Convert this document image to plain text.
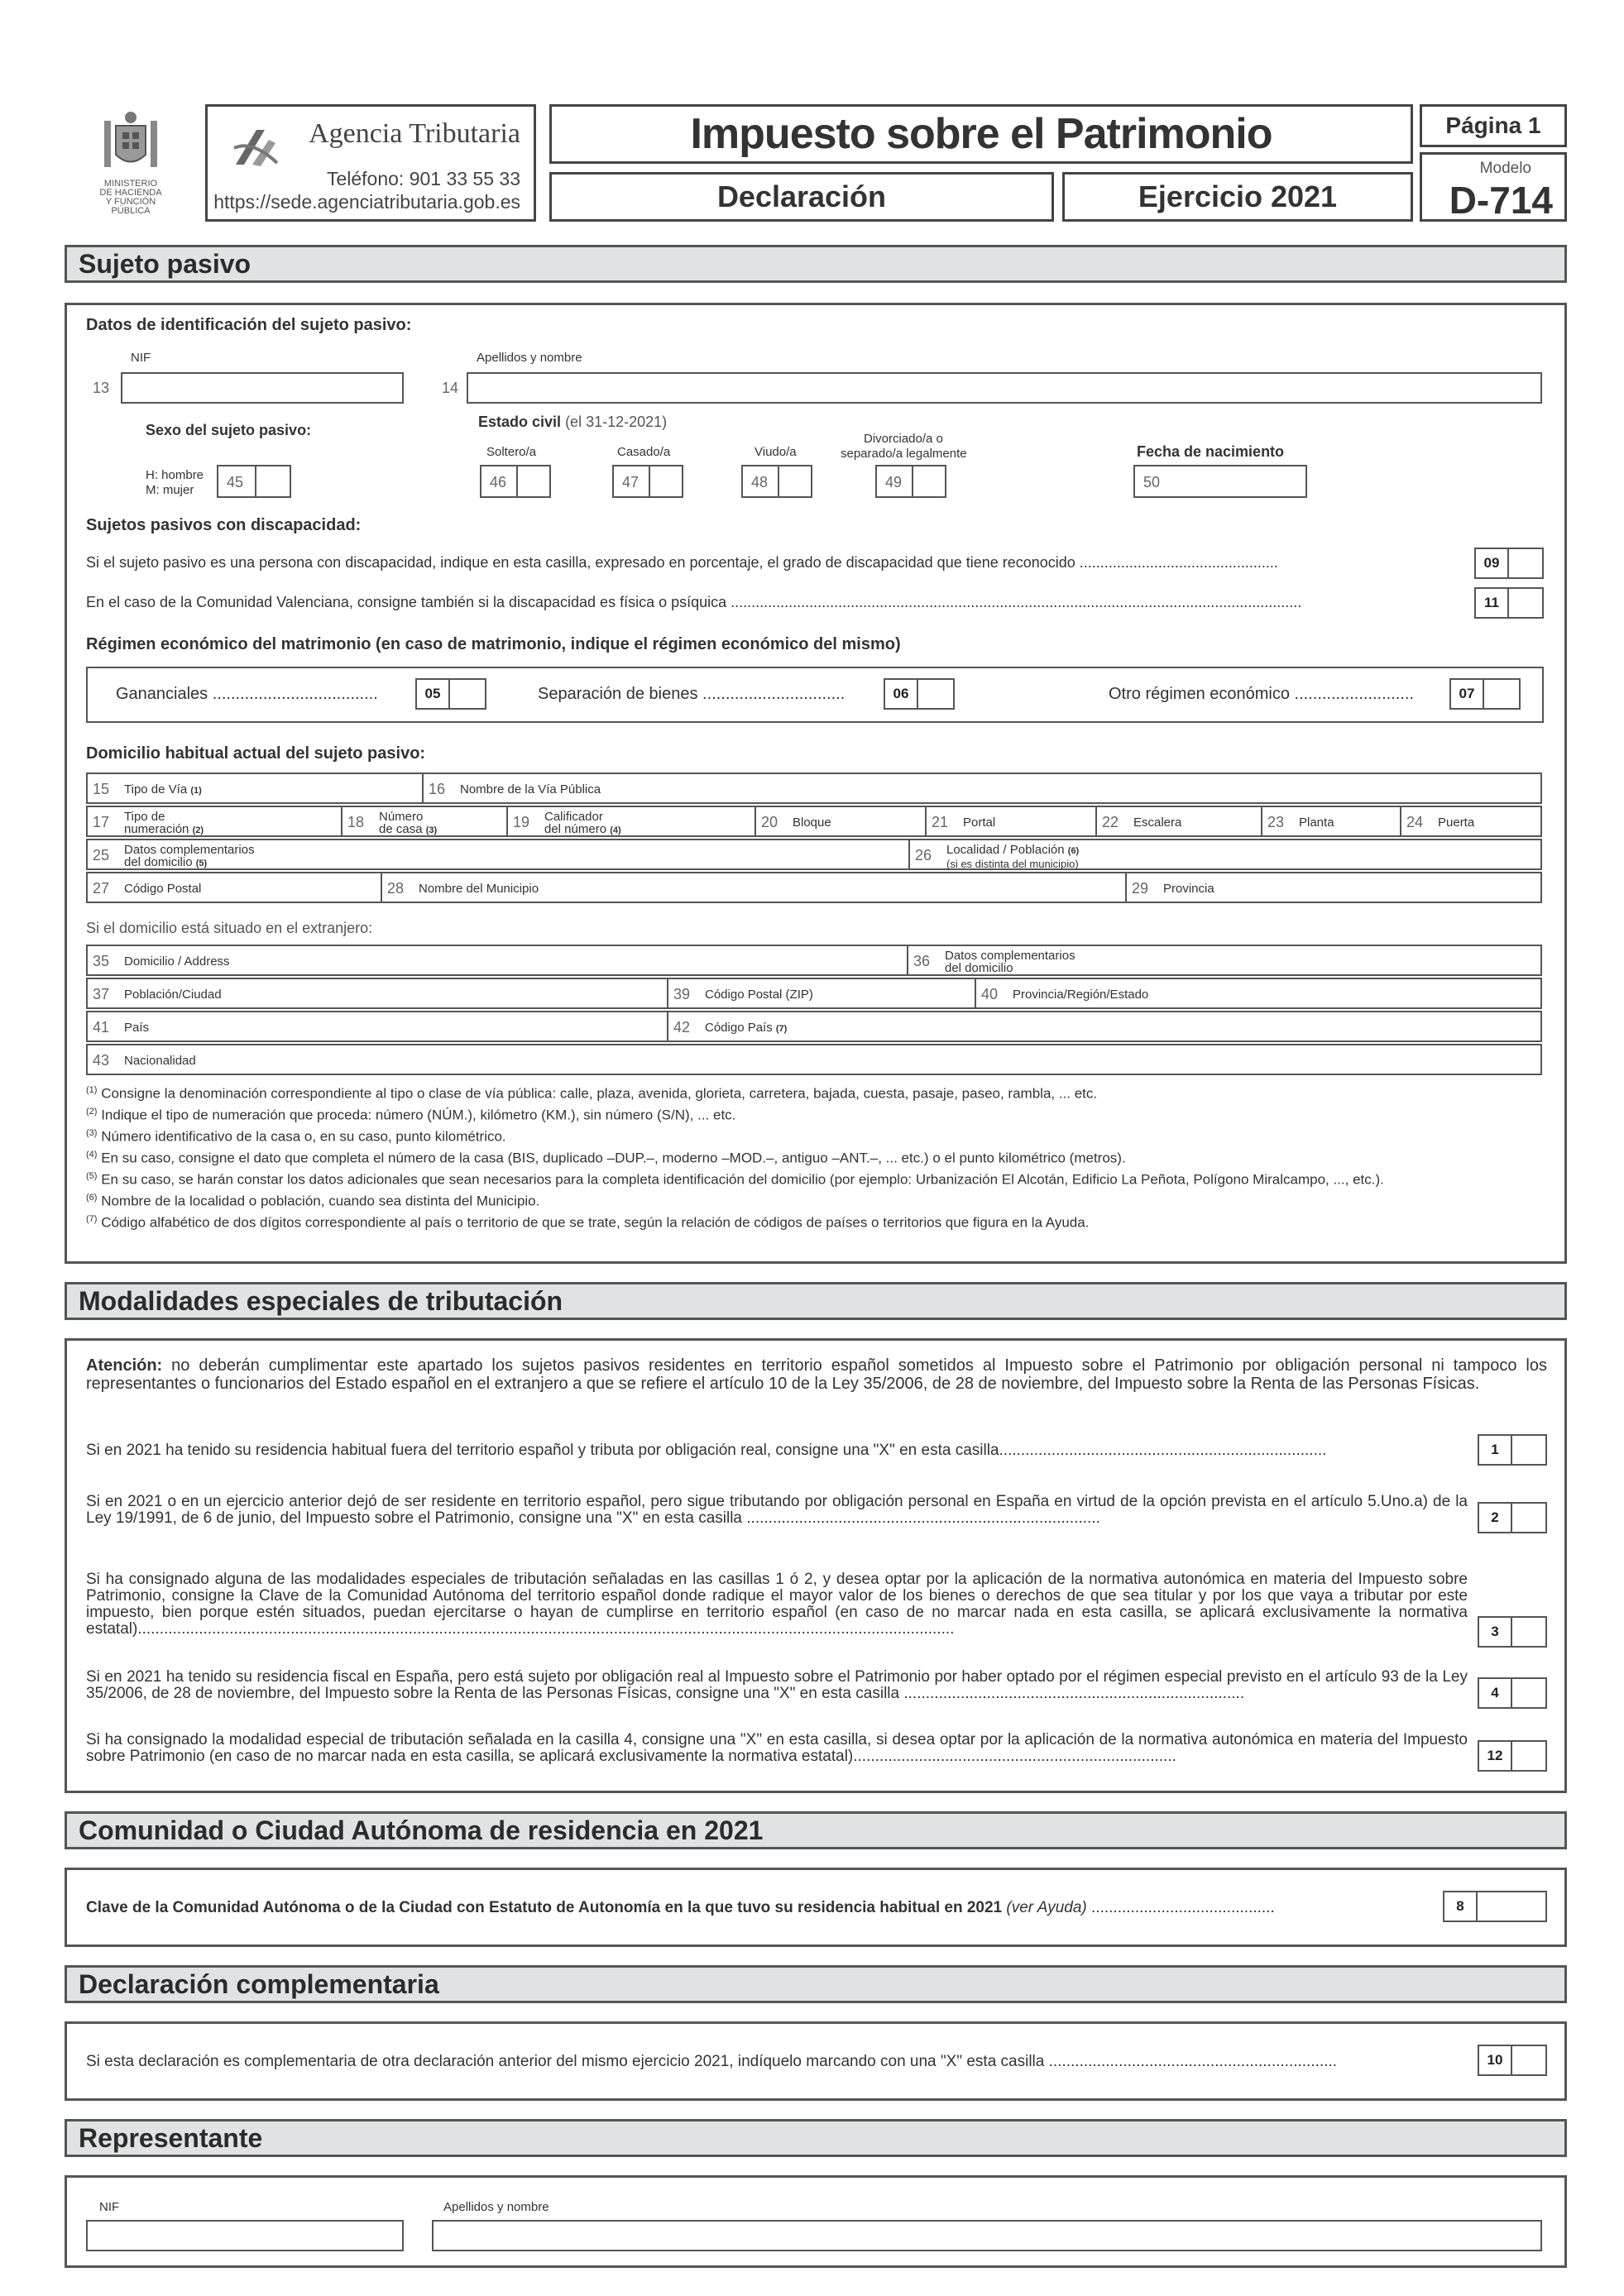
MINISTERIO
DE HACIENDA
Y FUNCIÓN PÚBLICA
Agencia Tributaria
Teléfono: 901 33 55 33
https://sede.agenciatributaria.gob.es
Impuesto sobre el Patrimonio
Declaración	Ejercicio 2021
Página 1
Modelo
D-714
Sujeto pasivo
Datos de identificación del sujeto pasivo:
NIF	Apellidos y nombre
13	14
Sexo del sujeto pasivo:	Estado civil (el 31-12-2021)
Soltero/a	Casado/a	Viudo/a
Divorciado/a o
separado/a legalmente	Fecha de nacimiento
H: hombre
M: mujer 45	46	47	48	49	50
Sujetos pasivos con discapacidad:
Si el sujeto pasivo es una persona con discapacidad, indique en esta casilla, expresado en porcentaje, el grado de discapacidad que tiene reconocido ................................................	09
En el caso de la Comunidad Valenciana, consigne también si la discapacidad es física o psíquica ..........................................................................................................................................	11
Régimen económico del matrimonio (en caso de matrimonio, indique el régimen económico del mismo)
Gananciales ....................................	05	Separación de bienes ...............................	06	Otro régimen económico ..........................	07
Domicilio habitual actual del sujeto pasivo:
15 Tipo de Vía (1)	16 Nombre de la Vía Pública
17 Tipo de
numeración (2)	18 Número
de casa (3)	19 Calificador
del número (4)	20 Bloque	21 Portal	22 Escalera	23 Planta	24 Puerta
25 Datos complementarios
del domicilio (5)	26 Localidad / Población (6)
(si es distinta del municipio)
27 Código Postal	28 Nombre del Municipio	29 Provincia
Si el domicilio está situado en el extranjero:
35 Domicilio / Address	36 Datos complementarios
del domicilio
37 Población/Ciudad	39 Código Postal (ZIP)	40 Provincia/Región/Estado
41 País	42 Código País (7)
43 Nacionalidad
$^{(1)}$ Consigne la denominación correspondiente al tipo o clase de vía pública: calle, plaza, avenida, glorieta, carretera, bajada, cuesta, pasaje, paseo, rambla, ... etc.
$^{(2)}$ Indique el tipo de numeración que proceda: número (NÚM.), kilómetro (KM.), sin número (S/N), ... etc.
$^{(3)}$ Número identificativo de la casa o, en su caso, punto kilométrico.
$^{(4)}$ En su caso, consigne el dato que completa el número de la casa (BIS, duplicado –DUP.–, moderno –MOD.–, antiguo –ANT.–, ... etc.) o el punto kilométrico (metros).
$^{(5)}$ En su caso, se harán constar los datos adicionales que sean necesarios para la completa identificación del domicilio (por ejemplo: Urbanización El Alcotán, Edificio La Peñota, Polígono Miralcampo, ..., etc.).
$^{(6)}$ Nombre de la localidad o población, cuando sea distinta del Municipio.
$^{(7)}$ Código alfabético de dos dígitos correspondiente al país o territorio de que se trate, según la relación de códigos de países o territorios que figura en la Ayuda.
Modalidades especiales de tributación
Atención: no deberán cumplimentar este apartado los sujetos pasivos residentes en territorio español sometidos al Impuesto sobre el Patrimonio por obligación personal ni tampoco los representantes o funcionarios del Estado español en el extranjero a que se refiere el artículo 10 de la Ley 35/2006, de 28 de noviembre, del Impuesto sobre la Renta de las Personas Físicas.
Si en 2021 ha tenido su residencia habitual fuera del territorio español y tributa por obligación real, consigne una "X" en esta casilla...........................................................................	1
Si en 2021 o en un ejercicio anterior dejó de ser residente en territorio español, pero sigue tributando por obligación personal en España en virtud de la opción prevista en el artículo 5.Uno.a) de la Ley 19/1991, de 6 de junio, del Impuesto sobre el Patrimonio, consigne una "X" en esta casilla .................................................................................	2
Si ha consignado alguna de las modalidades especiales de tributación señaladas en las casillas 1 ó 2, y desea optar por la aplicación de la normativa autonómica en materia del Impuesto sobre Patrimonio, consigne la Clave de la Comunidad Autónoma del territorio español donde radique el mayor valor de los bienes o derechos de que sea titular y por los que vaya a tributar por este impuesto, bien porque estén situados, puedan ejercitarse o hayan de cumplirse en territorio español (en caso de no marcar nada en esta casilla, se aplicará exclusivamente la normativa estatal)...........................................................................................................................................................................................	3
Si en 2021 ha tenido su residencia fiscal en España, pero está sujeto por obligación real al Impuesto sobre el Patrimonio por haber optado por el régimen especial previsto en el artículo 93 de la Ley 35/2006, de 28 de noviembre, del Impuesto sobre la Renta de las Personas Físicas, consigne una "X" en esta casilla ..............................................................................	4
Si ha consignado la modalidad especial de tributación señalada en la casilla 4, consigne una "X" en esta casilla, si desea optar por la aplicación de la normativa autonómica en materia del Impuesto sobre Patrimonio (en caso de no marcar nada en esta casilla, se aplicará exclusivamente la normativa estatal)..........................................................................	12
Comunidad o Ciudad Autónoma de residencia en 2021
Clave de la Comunidad Autónoma o de la Ciudad con Estatuto de Autonomía en la que tuvo su residencia habitual en 2021 (ver Ayuda) ..........................................	8
Declaración complementaria
Si esta declaración es complementaria de otra declaración anterior del mismo ejercicio 2021, indíquelo marcando con una "X" esta casilla ..................................................................	10
Representante
NIF	Apellidos y nombre
